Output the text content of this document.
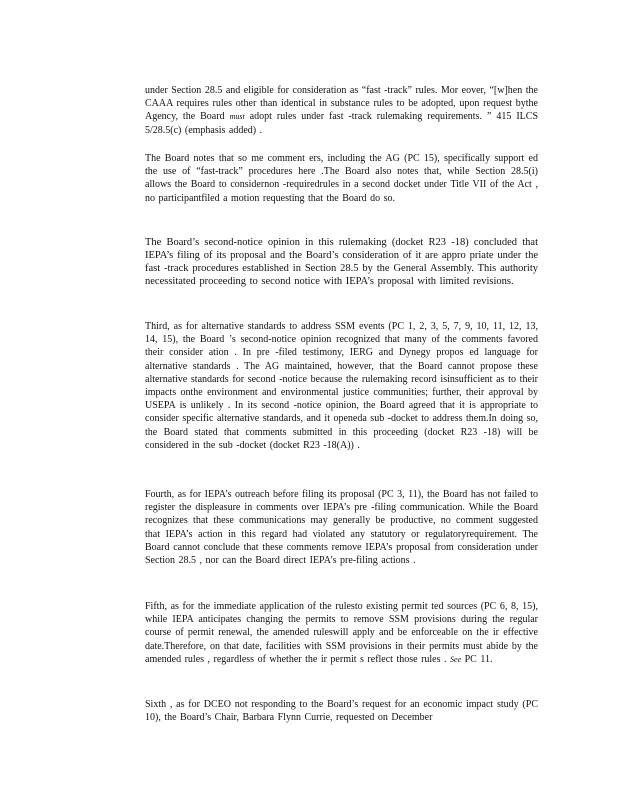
under Section 28.5 and eligible for consideration as “fast -track” rules. Mor eover, “[w]hen the CAAA requires rules other than identical in substance rules to be adopted, upon request bythe Agency, the Board must adopt rules under fast -track rulemaking requirements. ” 415 ILCS 5/28.5(c) (emphasis added) .

The Board notes that so me comment ers, including the AG (PC 15), specifically support ed the use of “fast-track” procedures here .The Board also notes that, while Section 28.5(i) allows the Board to considernon -requiredrules in a second docket under Title VII of the Act , no participantfiled a motion requesting that the Board do so.

The Board’s second-notice opinion in this rulemaking (docket R23 -18) concluded that IEPA’s filing of its proposal and the Board’s consideration of it are appro priate under the fast -track procedures established in Section 28.5 by the General Assembly. This authority necessitated proceeding to second notice with IEPA’s proposal with limited revisions.

Third, as for alternative standards to address SSM events (PC 1, 2, 3, 5, 7, 9, 10, 11, 12, 13, 14, 15), the Board ’s second-notice opinion recognized that many of the comments favored their consider ation . In pre -filed testimony, IERG and Dynegy propos ed language for alternative standards . The AG maintained, however, that the Board cannot propose these alternative standards for second -notice because the rulemaking record isinsufficient as to their impacts onthe environment and environmental justice communities; further, their approval by USEPA is unlikely . In its second -notice opinion, the Board agreed that it is appropriate to consider specific alternative standards, and it openeda sub -docket to address them.In doing so, the Board stated that comments submitted in this proceeding (docket R23 -18) will be considered in the sub -docket (docket R23 -18(A)) .

Fourth, as for IEPA’s outreach before filing its proposal (PC 3, 11), the Board has not failed to register the displeasure in comments over IEPA’s pre -filing communication. While the Board recognizes that these communications may generally be productive, no comment suggested that IEPA’s action in this regard had violated any statutory or regulatoryrequirement. The Board cannot conclude that these comments remove IEPA’s proposal from consideration under Section 28.5 , nor can the Board direct IEPA’s pre-filing actions .

Fifth, as for the immediate application of the rulesto existing permit ted sources (PC 6, 8, 15), while IEPA anticipates changing the permits to remove SSM provisions during the regular course of permit renewal, the amended ruleswill apply and be enforceable on the ir effective date.Therefore, on that date, facilities with SSM provisions in their permits must abide by the amended rules , regardless of whether the ir permit s reflect those rules . See PC 11.

Sixth , as for DCEO not responding to the Board’s request for an economic impact study (PC 10), the Board’s Chair, Barbara Flynn Currie, requested on December
